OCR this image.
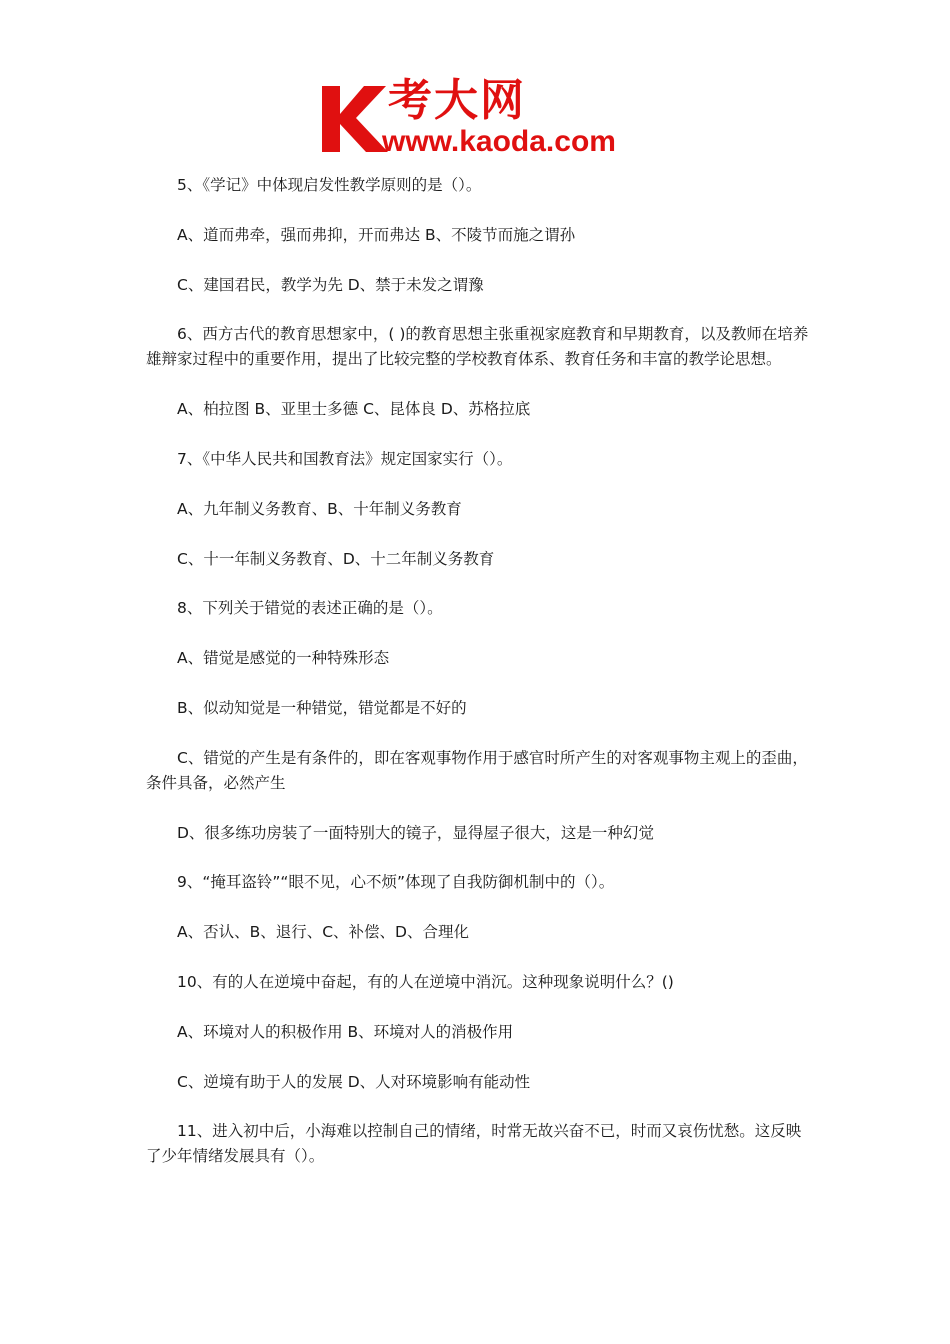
考大网
www.kaoda.com

5、《学记》中体现启发性教学原则的是（）。

A、道而弗牵，强而弗抑，开而弗达 B、不陵节而施之谓孙

C、建国君民，教学为先 D、禁于未发之谓豫

6、西方古代的教育思想家中，( )的教育思想主张重视家庭教育和早期教育，以及教师在培养雄辩家过程中的重要作用，提出了比较完整的学校教育体系、教育任务和丰富的教学论思想。

A、柏拉图 B、亚里士多德 C、昆体良 D、苏格拉底

7、《中华人民共和国教育法》规定国家实行（）。

A、九年制义务教育、B、十年制义务教育

C、十一年制义务教育、D、十二年制义务教育

8、下列关于错觉的表述正确的是（）。

A、错觉是感觉的一种特殊形态

B、似动知觉是一种错觉，错觉都是不好的

C、错觉的产生是有条件的，即在客观事物作用于感官时所产生的对客观事物主观上的歪曲，条件具备，必然产生

D、很多练功房装了一面特别大的镜子，显得屋子很大，这是一种幻觉

9、“掩耳盗铃”“眼不见，心不烦”体现了自我防御机制中的（）。

A、否认、B、退行、C、补偿、D、合理化

10、有的人在逆境中奋起，有的人在逆境中消沉。这种现象说明什么？()

A、环境对人的积极作用 B、环境对人的消极作用

C、逆境有助于人的发展 D、人对环境影响有能动性

11、进入初中后，小海难以控制自己的情绪，时常无故兴奋不已，时而又哀伤忧愁。这反映了少年情绪发展具有（）。
